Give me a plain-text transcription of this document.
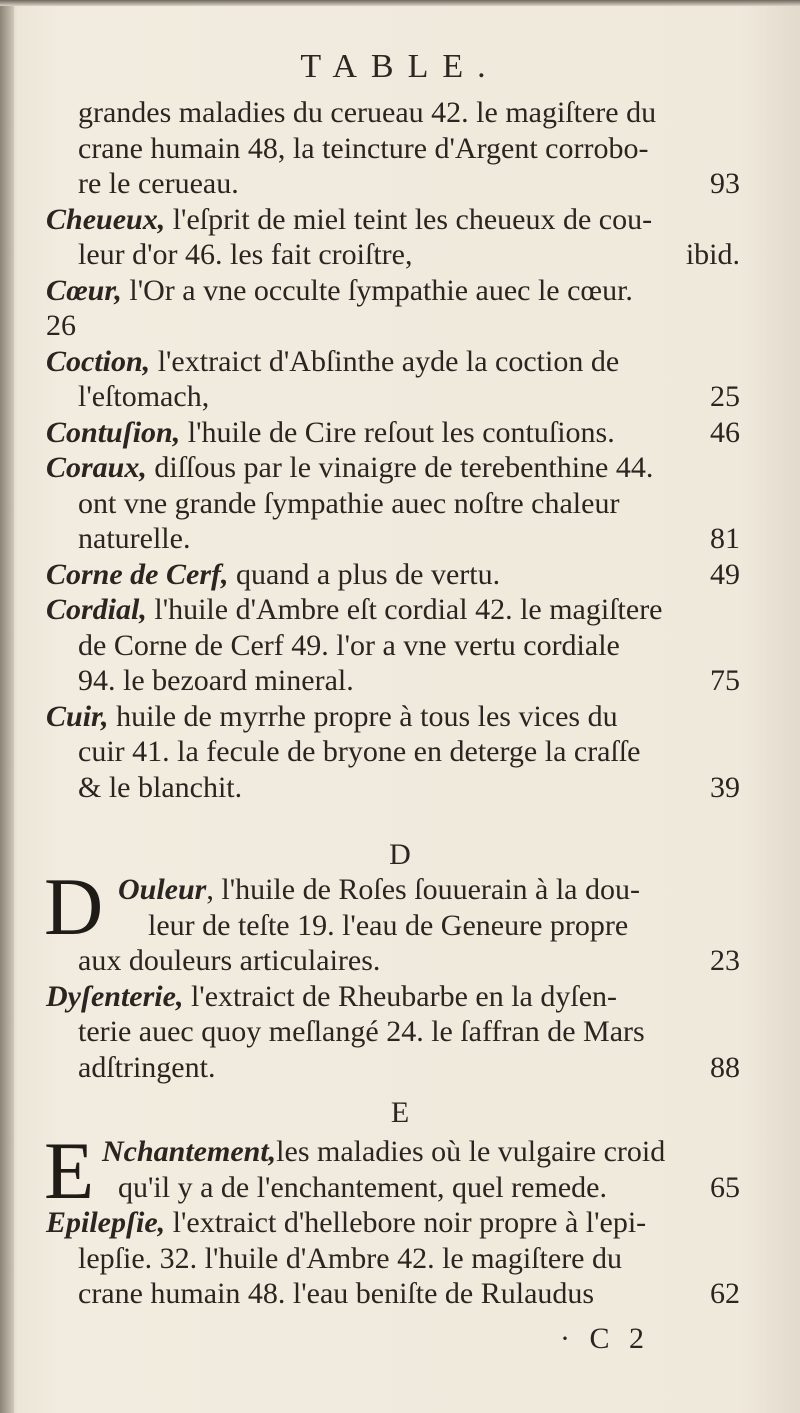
TABLE.
grandes maladies du cerueau 42. le magiſtere du
crane humain 48, la teincture d'Argent corrobo-
re le cerueau.	93
Cheueux, l'eſprit de miel teint les cheueux de cou-
leur d'or 46. les fait croiſtre,	ibid.
Cœur, l'Or a vne occulte ſympathie auec le cœur.
26
Coction, l'extraict d'Abſinthe ayde la coction de
l'eſtomach,	25
Contuſion, l'huile de Cire reſout les contuſions.	46
Coraux, diſſous par le vinaigre de terebenthine 44.
ont vne grande ſympathie auec noſtre chaleur
naturelle.	81
Corne de Cerf, quand a plus de vertu.	49
Cordial, l'huile d'Ambre eſt cordial 42. le magiſtere
de Corne de Cerf 49. l'or a vne vertu cordiale
94. le bezoard mineral.	75
Cuir, huile de myrrhe propre à tous les vices du
cuir 41. la fecule de bryone en deterge la craſſe
& le blanchit.	39
D
D Ouleur, l'huile de Roſes ſouuerain à la dou-
leur de teſte 19. l'eau de Geneure propre
aux douleurs articulaires.	23
Dyſenterie, l'extraict de Rheubarbe en la dyſen-
terie auec quoy meſlangé 24. le ſaffran de Mars
adſtringent.	88
E
E Nchantement,les maladies où le vulgaire croid
qu'il y a de l'enchantement, quel remede.	65
Epilepſie, l'extraict d'hellebore noir propre à l'epi-
lepſie. 32. l'huile d'Ambre 42. le magiſtere du
crane humain 48. l'eau beniſte de Rulaudus	62
· C 2
